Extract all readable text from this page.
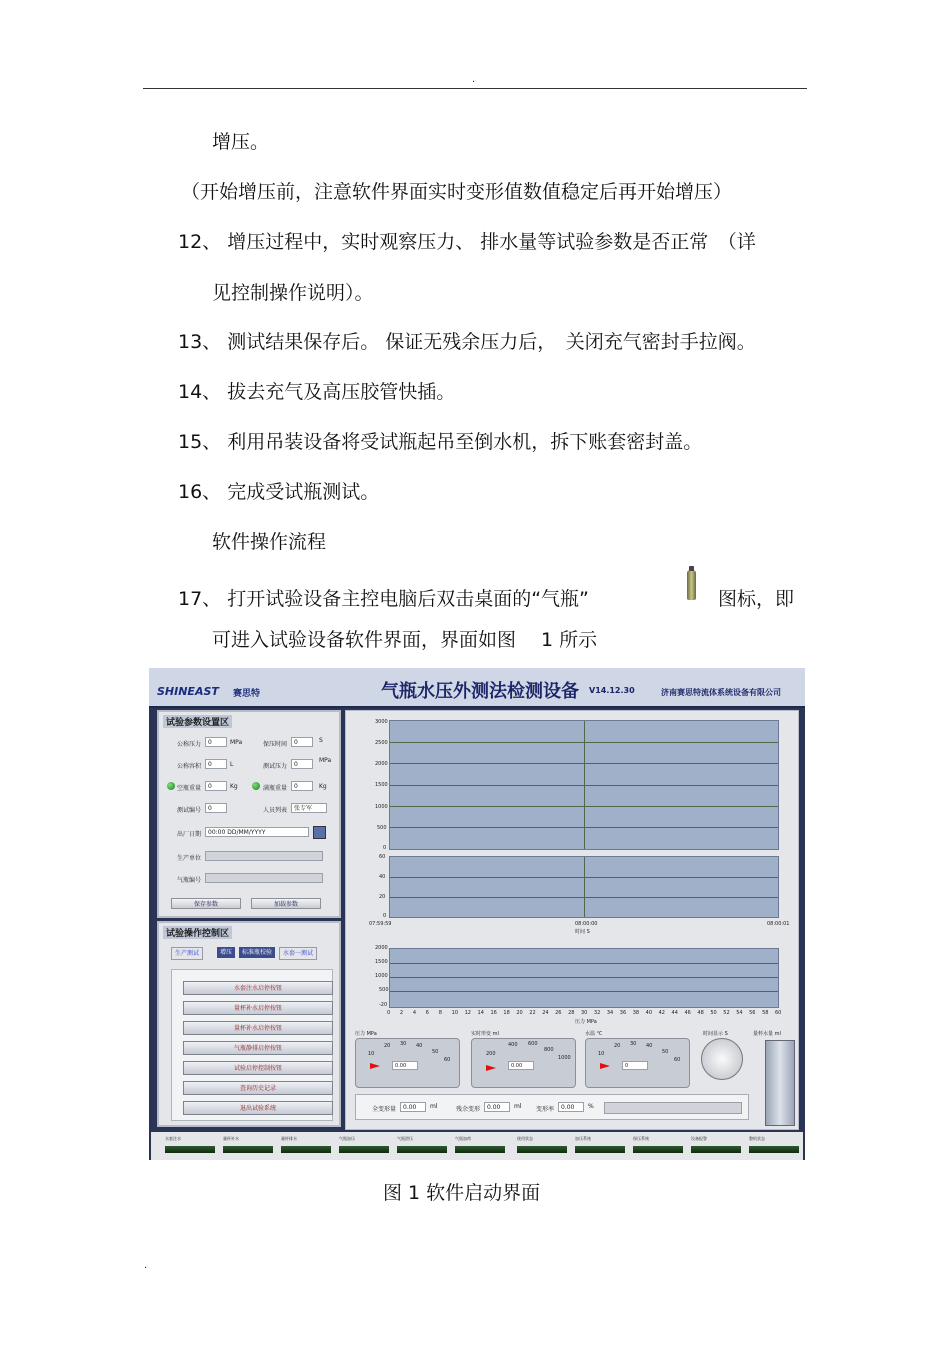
.
增压。
（开始增压前，注意软件界面实时变形值数值稳定后再开始增压）
12、 增压过程中，实时观察压力、 排水量等试验参数是否正常　（详
见控制操作说明）。
13、 测试结果保存后。 保证无残余压力后，　关闭充气密封手拉阀。
14、 拔去充气及高压胶管快插。
15、 利用吊装设备将受试瓶起吊至倒水机，拆下账套密封盖。
16、 完成受试瓶测试。
软件操作流程
17、 打开试验设备主控电脑后双击桌面的“气瓶”	图标，即
可进入试验设备软件界面，界面如图　 1 所示
SHINEAST 赛思特	气瓶水压外测法检测设备 V14.12.30	济南赛思特流体系统设备有限公司
试验参数设置区
公称压力	0	MPa	保压时间	0	S
公称容积	0	L	测试压力	0
MPa
空瓶重量	0	Kg	满瓶重量	0	Kg
测试编号	0	人员列表	张专军
出厂日期	00:00 DD/MM/YYYY
生产单位
气瓶编号
保存参数	加载参数
试验操作控制区
生产测试	增压	标准瓶校验	水套一测试
水套注水启停按钮
量杯补水启停按钮
量杯补水启停按钮
气瓶静排启停按钮
试验启停控制按钮
查询历史记录
退出试验系统
3000
2500
2000
1500
1000
500
0
60
40
20
0
07:59:59	08:00:00	08:00:01
时间 S
2000
1500
1000
500
-20
压力 MPa
压力 MPa
10
20 30 40
50
60
0.00
实时形变 ml
200
400 600
800
1000
0.00
水温 ℃
10
20 30 40
50
60
0
时间显示 S	量杯水量 ml
全变形量	0.00	ml	残余变形	0.00	ml 变形率	0.00	%
水套注水	量杯补水	量杯排水	气瓶加压	气瓶泄压	气瓶加荷	使用状态	加压系统	保压系统	设备报警	整机状态
0 2 4 6 8 10 12 14 16 18 20 22 24 26 28 30 32 34 36 38 40 42 44 46 48 50 52 54 56 58 60
图 1 软件启动界面
.
